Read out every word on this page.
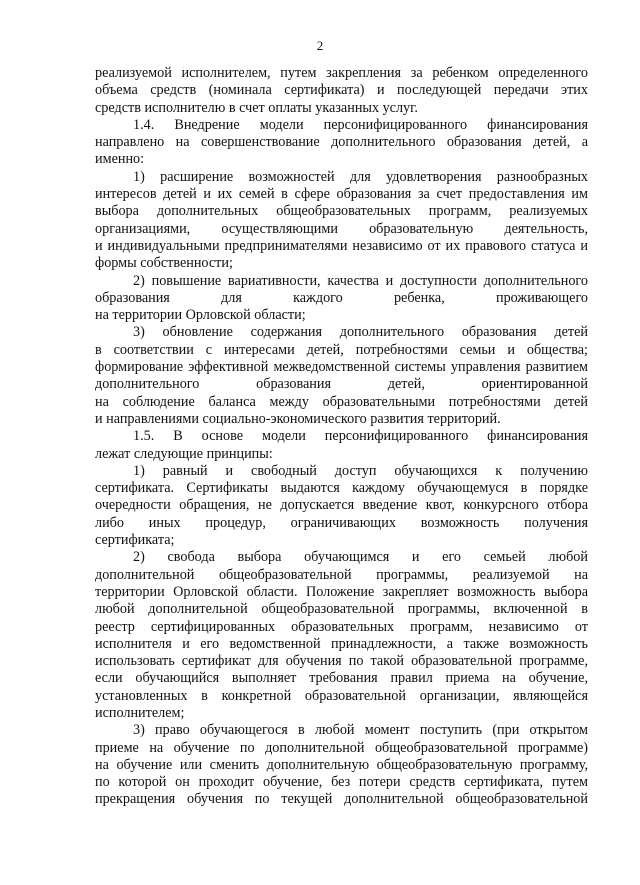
2
реализуемой исполнителем, путем закрепления за ребенком определенного
объема средств (номинала сертификата) и последующей передачи этих
средств исполнителю в счет оплаты указанных услуг.
1.4. Внедрение модели персонифицированного финансирования
направлено на совершенствование дополнительного образования детей, а
именно:
1) расширение возможностей для удовлетворения разнообразных
интересов детей и их семей в сфере образования за счет предоставления им
выбора дополнительных общеобразовательных программ, реализуемых
организациями, осуществляющими образовательную деятельность,
и индивидуальными предпринимателями независимо от их правового статуса и
формы собственности;
2) повышение вариативности, качества и доступности дополнительного
образования для каждого ребенка, проживающего
на территории Орловской области;
3) обновление содержания дополнительного образования детей
в соответствии с интересами детей, потребностями семьи и общества;
формирование эффективной межведомственной системы управления развитием
дополнительного образования детей, ориентированной
на соблюдение баланса между образовательными потребностями детей
и направлениями социально-экономического развития территорий.
1.5. В основе модели персонифицированного финансирования
лежат следующие принципы:
1) равный и свободный доступ обучающихся к получению
сертификата. Сертификаты выдаются каждому обучающемуся в порядке
очередности обращения, не допускается введение квот, конкурсного отбора
либо иных процедур, ограничивающих возможность получения
сертификата;
2) свобода выбора обучающимся и его семьей любой
дополнительной общеобразовательной программы, реализуемой на
территории Орловской области. Положение закрепляет возможность выбора
любой дополнительной общеобразовательной программы, включенной в
реестр сертифицированных образовательных программ, независимо от
исполнителя и его ведомственной принадлежности, а также возможность
использовать сертификат для обучения по такой образовательной программе,
если обучающийся выполняет требования правил приема на обучение,
установленных в конкретной образовательной организации, являющейся
исполнителем;
3) право обучающегося в любой момент поступить (при открытом
приеме на обучение по дополнительной общеобразовательной программе)
на обучение или сменить дополнительную общеобразовательную программу,
по которой он проходит обучение, без потери средств сертификата, путем
прекращения обучения по текущей дополнительной общеобразовательной
